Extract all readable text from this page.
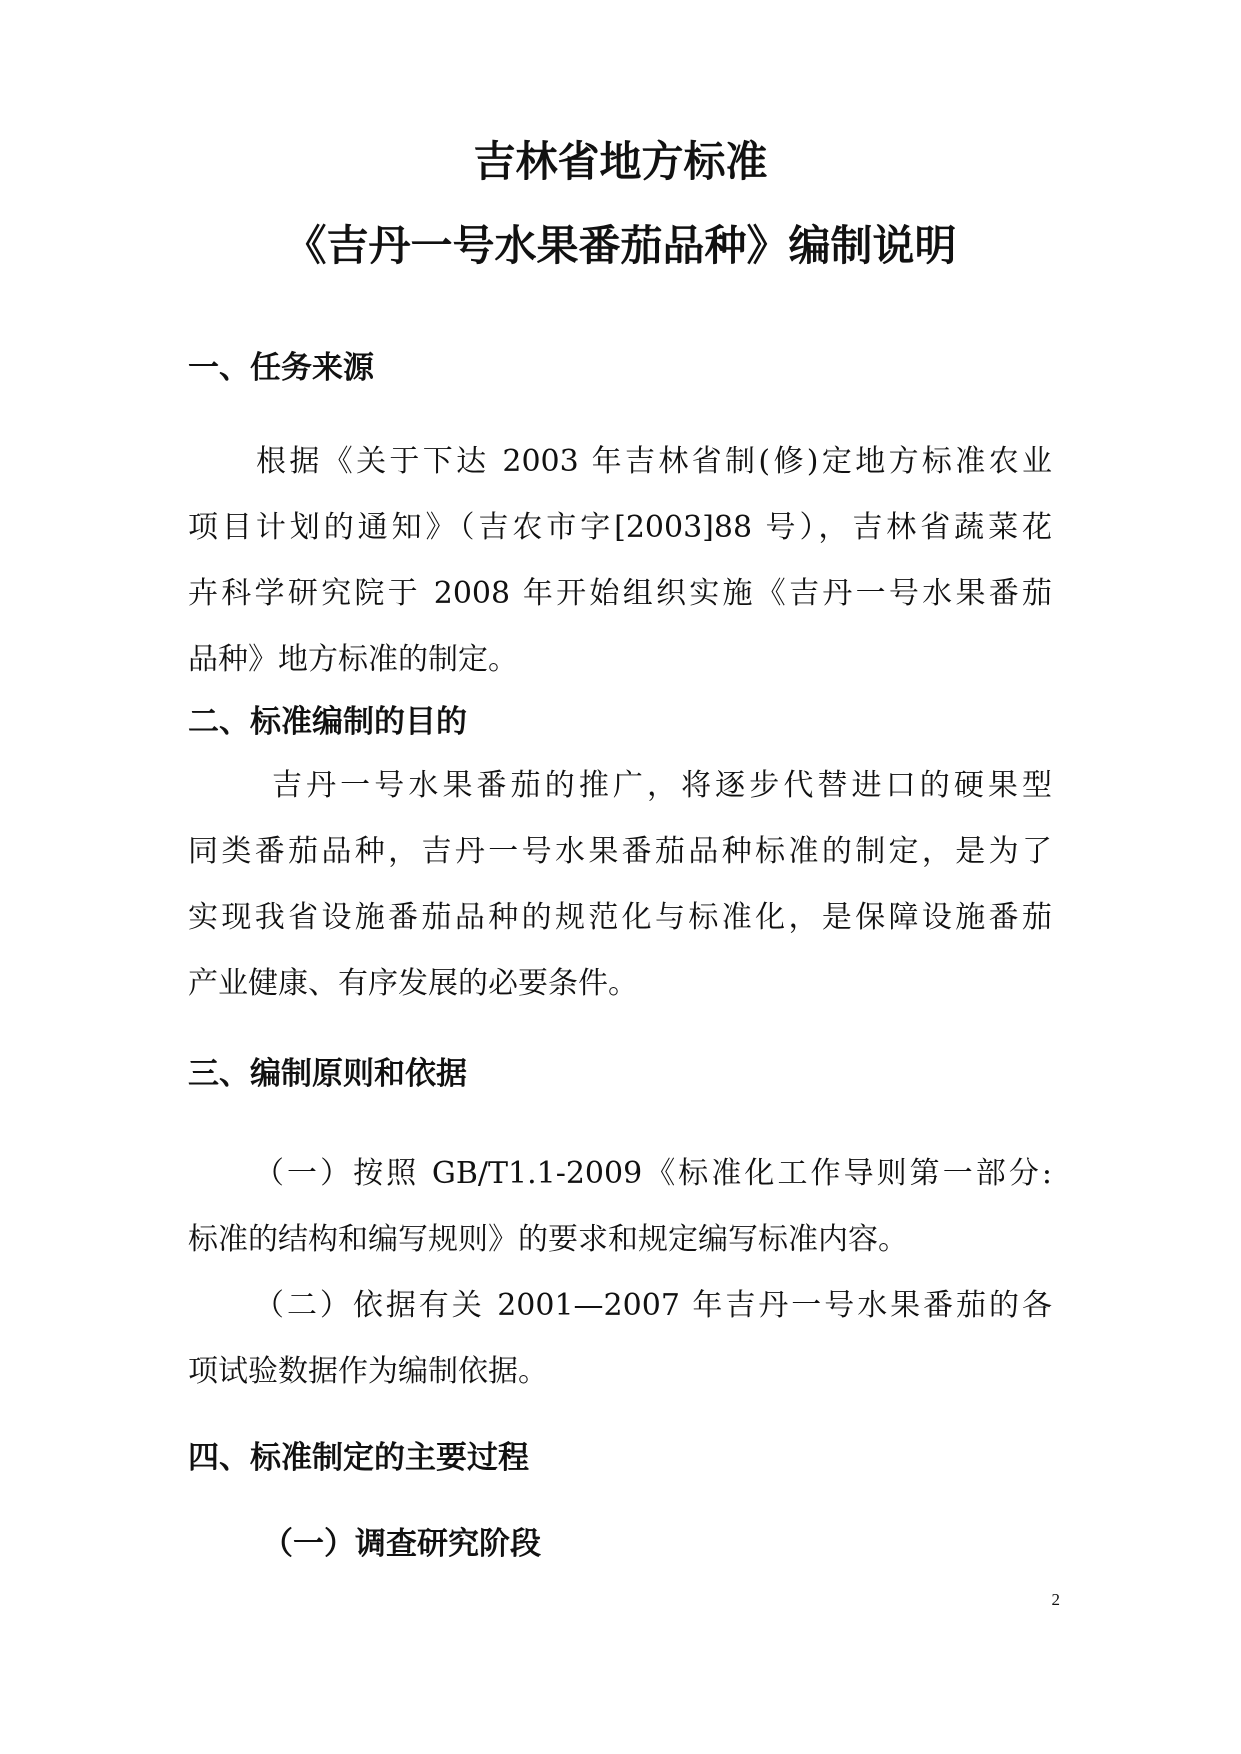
吉林省地方标准
《吉丹一号水果番茄品种》编制说明
一、任务来源

根据《关于下达 2003 年吉林省制(修)定地方标准农业

项目计划的通知》（吉农市字[2003]88 号），吉林省蔬菜花

卉科学研究院于 2008 年开始组织实施《吉丹一号水果番茄

品种》地方标准的制定。

二、标准编制的目的

吉丹一号水果番茄的推广，将逐步代替进口的硬果型

同类番茄品种，吉丹一号水果番茄品种标准的制定，是为了

实现我省设施番茄品种的规范化与标准化，是保障设施番茄

产业健康、有序发展的必要条件。

三、编制原则和依据

（一）按照 GB/T1.1-2009《标准化工作导则第一部分:

标准的结构和编写规则》的要求和规定编写标准内容。

（二）依据有关 2001—2007 年吉丹一号水果番茄的各

项试验数据作为编制依据。

四、标准制定的主要过程
（一）调查研究阶段

2
